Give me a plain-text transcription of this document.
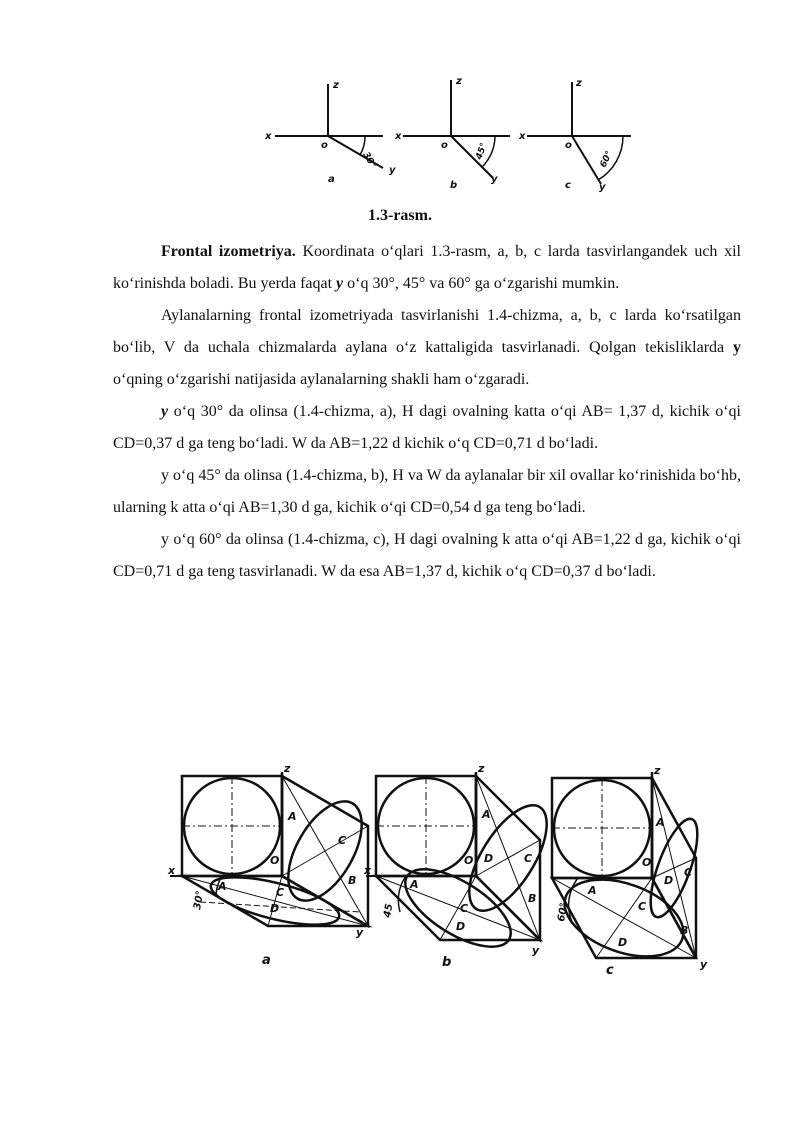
z
x
o
y
30°
a
z
x
o
y
45°
b
z
x
o
y
60°
c
1.3-rasm.

Frontal izometriya. Koordinata o‘qlari 1.3-rasm, a, b, c larda tasvirlangandek uch xil ko‘rinishda boladi. Bu yerda faqat y o‘q 30°, 45° va 60° ga o‘zgarishi mumkin.

Aylanalarning frontal izometriyada tasvirlanishi 1.4-chizma, a, b, c larda ko‘rsatilgan bo‘lib, V da uchala chizmalarda aylana o‘z kattaligida tasvirlanadi. Qolgan tekisliklarda y o‘qning o‘zgarishi natijasida aylanalarning shakli ham o‘zgaradi.

y o‘q 30° da olinsa (1.4-chizma, a), H dagi ovalning katta o‘qi AB= 1,37 d, kichik o‘qi CD=0,37 d ga teng bo‘ladi. W da AB=1,22 d kichik o‘q CD=0,71 d bo‘ladi.

y o‘q 45° da olinsa (1.4-chizma, b), H va W da aylanalar bir xil ovallar ko‘rinishida bo‘hb, ularning k atta o‘qi AB=1,30 d ga, kichik o‘qi CD=0,54 d ga teng bo‘ladi.

y o‘q 60° da olinsa (1.4-chizma, c), H dagi ovalning k atta o‘qi AB=1,22 d ga, kichik o‘qi CD=0,71 d ga teng tasvirlanadi. W da esa AB=1,37 d, kichik o‘q CD=0,37 d bo‘ladi.

z
x
y
A
B
C
O
A	C
D
30°
a
z
x
y
A
B
C
D
O
A
C
D
45
b
z
y
A
B
C
D
O
A
C
D
60°
c
